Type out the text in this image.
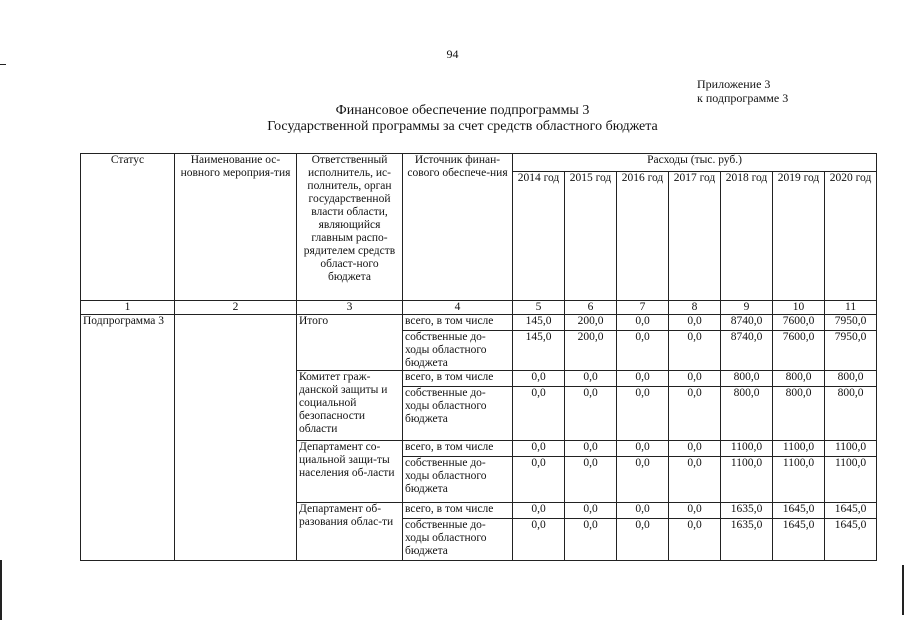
94
Приложение 3
к подпрограмме 3
Финансовое обеспечение подпрограммы 3
Государственной программы за счет средств областного бюджета
Статус	Наименование ос-новного мероприя-тия	Ответственный исполнитель, ис-полнитель, орган государственной власти области, являющийся главным распо-рядителем средств област-ного бюджета	Источник финан-сового обеспече-ния	Расходы (тыс. руб.)						
				2014 год	2015 год	2016 год	2017 год	2018 год	2019 год	2020 год
1	2	3	4	5	6	7	8	9	10	11
Подпрограмма 3		Итого	всего, в том числе	145,0	200,0	0,0	0,0	8740,0	7600,0	7950,0
			собственные до-ходы областного бюджета	145,0	200,0	0,0	0,0	8740,0	7600,0	7950,0
		Комитет граж-данской защиты и социальной безопасности области	всего, в том числе	0,0	0,0	0,0	0,0	800,0	800,0	800,0
			собственные до-ходы областного бюджета	0,0	0,0	0,0	0,0	800,0	800,0	800,0
		Департамент со-циальной защи-ты населения об-ласти	всего, в том числе	0,0	0,0	0,0	0,0	1100,0	1100,0	1100,0
			собственные до-ходы областного бюджета	0,0	0,0	0,0	0,0	1100,0	1100,0	1100,0
		Департамент об-разования облас-ти	всего, в том числе	0,0	0,0	0,0	0,0	1635,0	1645,0	1645,0
			собственные до-ходы областного бюджета	0,0	0,0	0,0	0,0	1635,0	1645,0	1645,0
